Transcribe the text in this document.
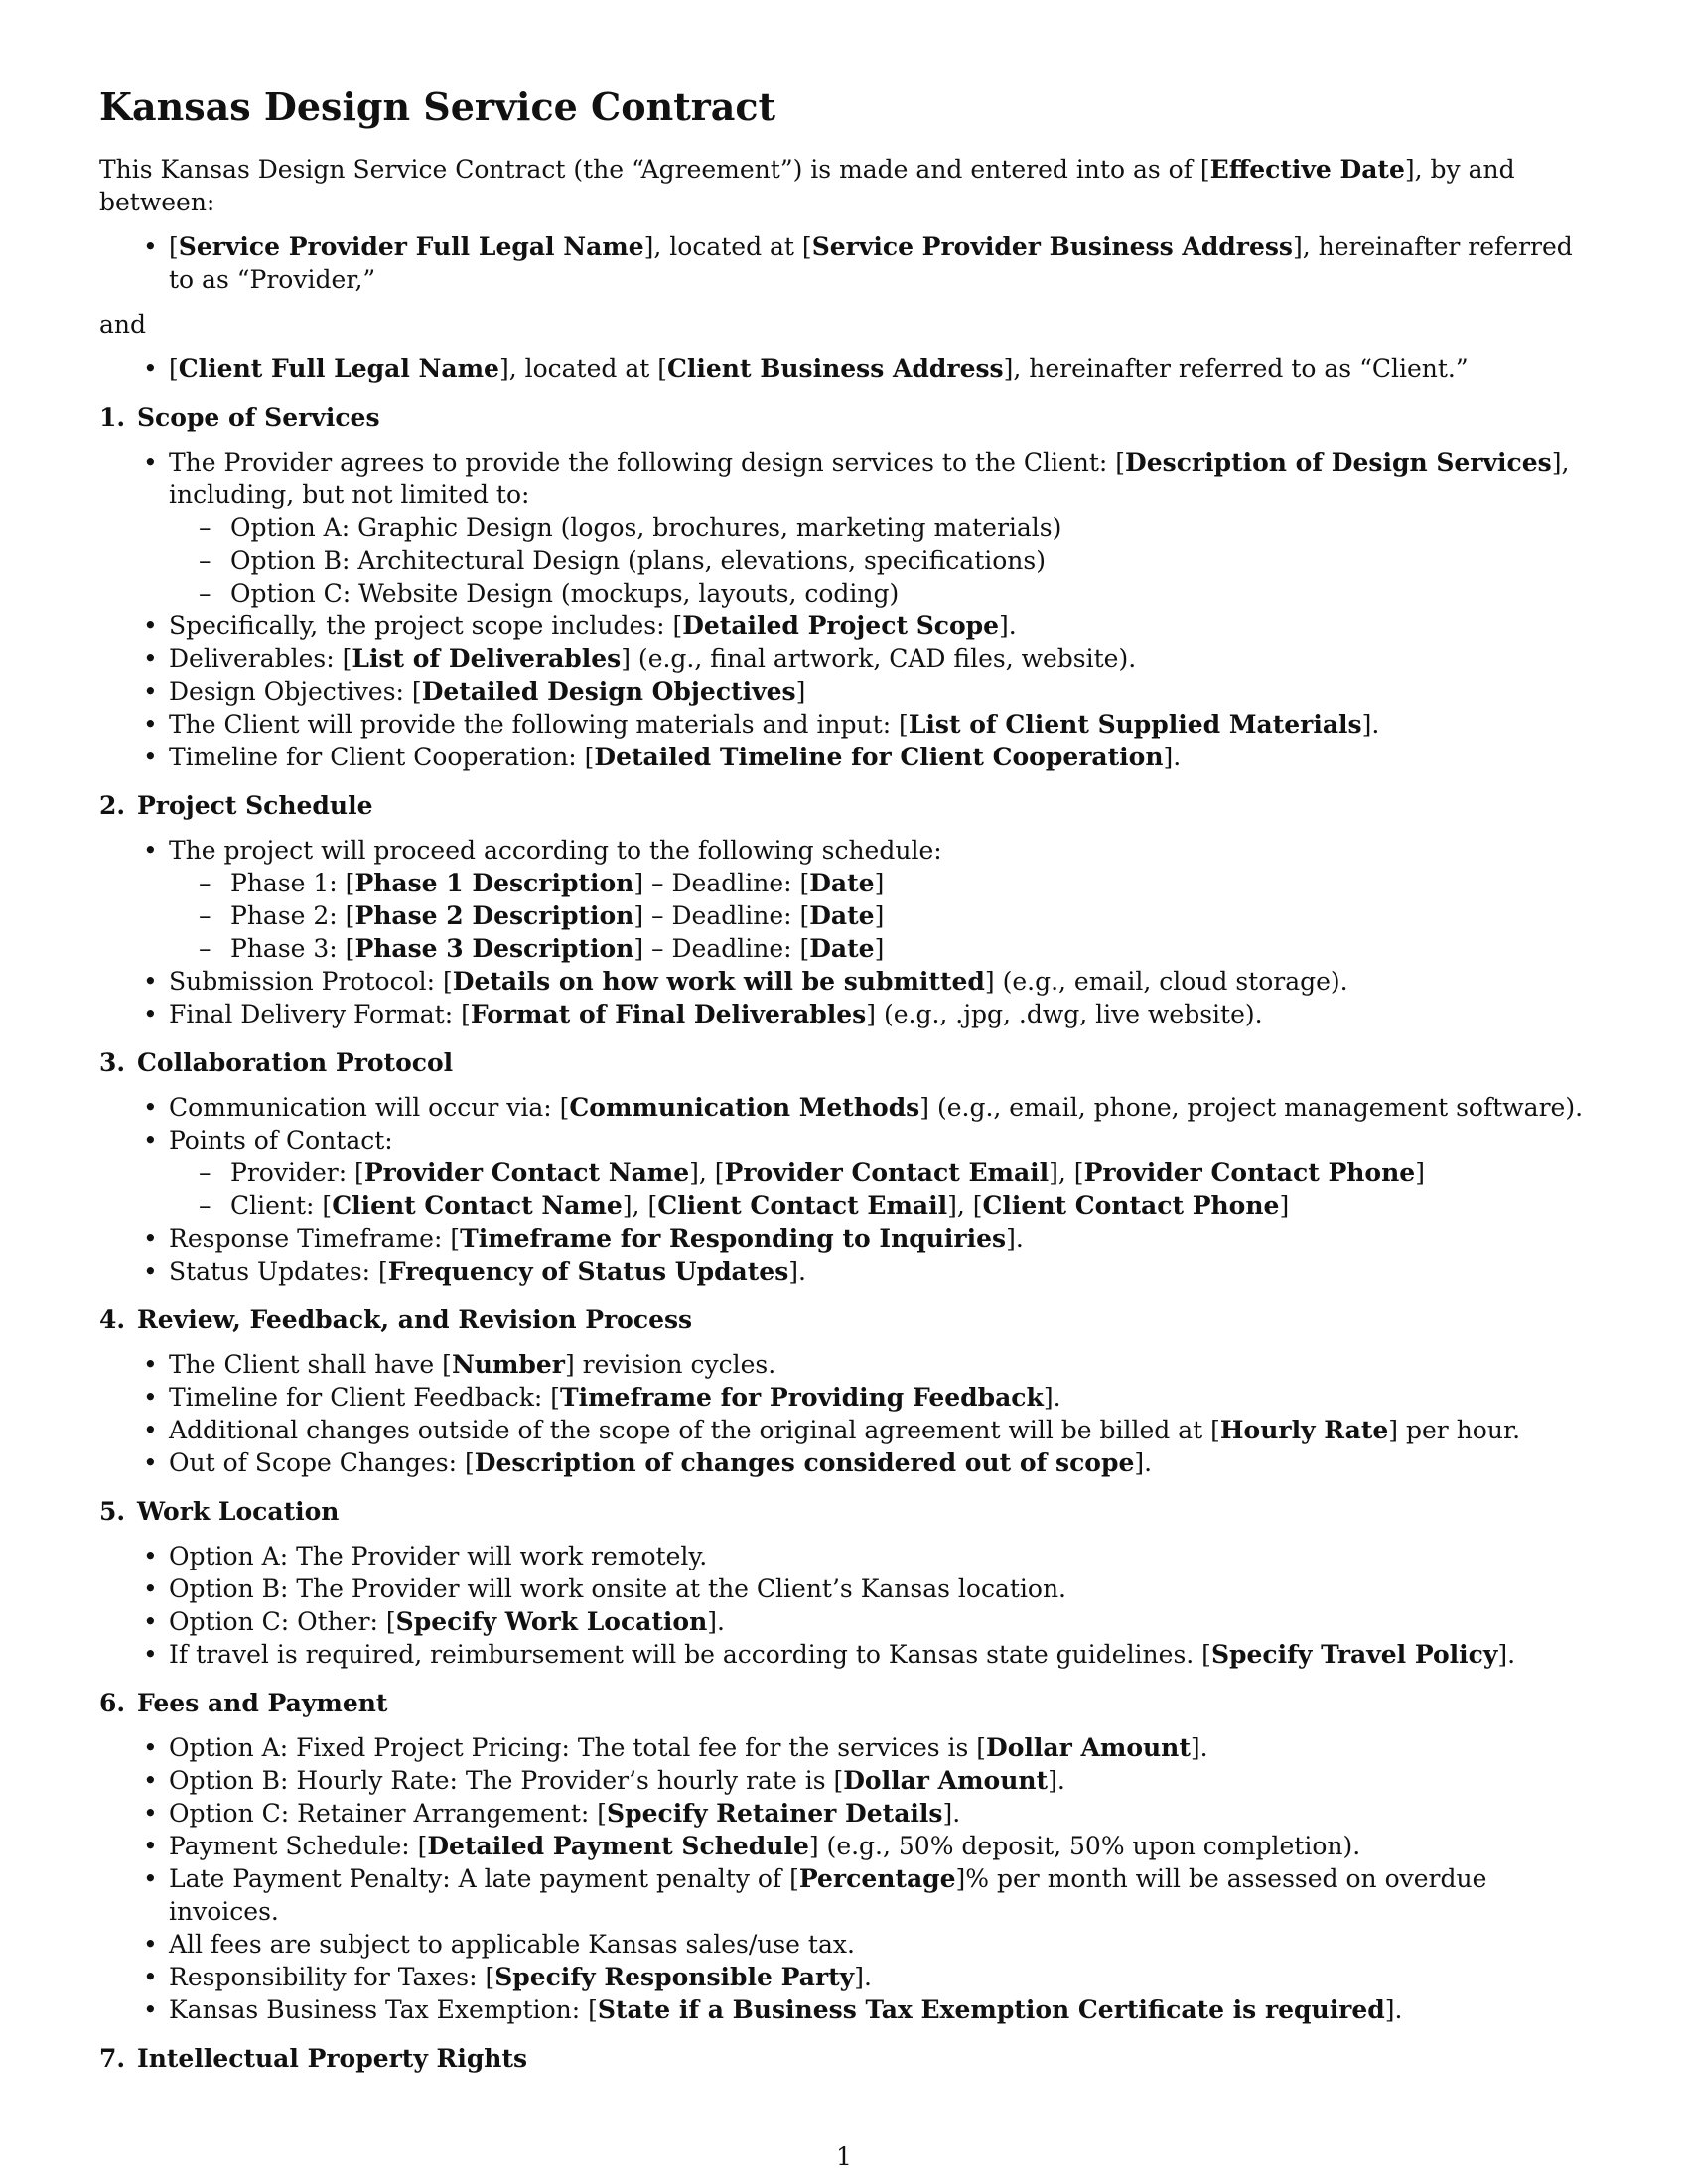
Kansas Design Service Contract

This Kansas Design Service Contract (the “Agreement”) is made and entered into as of [Effective Date], by and between:

• [Service Provider Full Legal Name], located at [Service Provider Business Address], hereinafter referred to as “Provider,”

and

• [Client Full Legal Name], located at [Client Business Address], hereinafter referred to as “Client.”
1. Scope of Services
• The Provider agrees to provide the following design services to the Client: [Description of Design Services], including, but not limited to:
– Option A: Graphic Design (logos, brochures, marketing materials)
– Option B: Architectural Design (plans, elevations, specifications)
– Option C: Website Design (mockups, layouts, coding)
• Specifically, the project scope includes: [Detailed Project Scope].
• Deliverables: [List of Deliverables] (e.g., final artwork, CAD files, website).
• Design Objectives: [Detailed Design Objectives]
• The Client will provide the following materials and input: [List of Client Supplied Materials].
• Timeline for Client Cooperation: [Detailed Timeline for Client Cooperation].
2. Project Schedule
• The project will proceed according to the following schedule:
– Phase 1: [Phase 1 Description] – Deadline: [Date]
– Phase 2: [Phase 2 Description] – Deadline: [Date]
– Phase 3: [Phase 3 Description] – Deadline: [Date]
• Submission Protocol: [Details on how work will be submitted] (e.g., email, cloud storage).
• Final Delivery Format: [Format of Final Deliverables] (e.g., .jpg, .dwg, live website).
3. Collaboration Protocol
• Communication will occur via: [Communication Methods] (e.g., email, phone, project management software).
• Points of Contact:
– Provider: [Provider Contact Name], [Provider Contact Email], [Provider Contact Phone]
– Client: [Client Contact Name], [Client Contact Email], [Client Contact Phone]
• Response Timeframe: [Timeframe for Responding to Inquiries].
• Status Updates: [Frequency of Status Updates].
4. Review, Feedback, and Revision Process
• The Client shall have [Number] revision cycles.
• Timeline for Client Feedback: [Timeframe for Providing Feedback].
• Additional changes outside of the scope of the original agreement will be billed at [Hourly Rate] per hour.
• Out of Scope Changes: [Description of changes considered out of scope].
5. Work Location
• Option A: The Provider will work remotely.
• Option B: The Provider will work onsite at the Client’s Kansas location.
• Option C: Other: [Specify Work Location].
• If travel is required, reimbursement will be according to Kansas state guidelines. [Specify Travel Policy].
6. Fees and Payment
• Option A: Fixed Project Pricing: The total fee for the services is [Dollar Amount].
• Option B: Hourly Rate: The Provider’s hourly rate is [Dollar Amount].
• Option C: Retainer Arrangement: [Specify Retainer Details].
• Payment Schedule: [Detailed Payment Schedule] (e.g., 50% deposit, 50% upon completion).
• Late Payment Penalty: A late payment penalty of [Percentage]% per month will be assessed on overdue invoices.
• All fees are subject to applicable Kansas sales/use tax.
• Responsibility for Taxes: [Specify Responsible Party].
• Kansas Business Tax Exemption: [State if a Business Tax Exemption Certificate is required].
7. Intellectual Property Rights
1
